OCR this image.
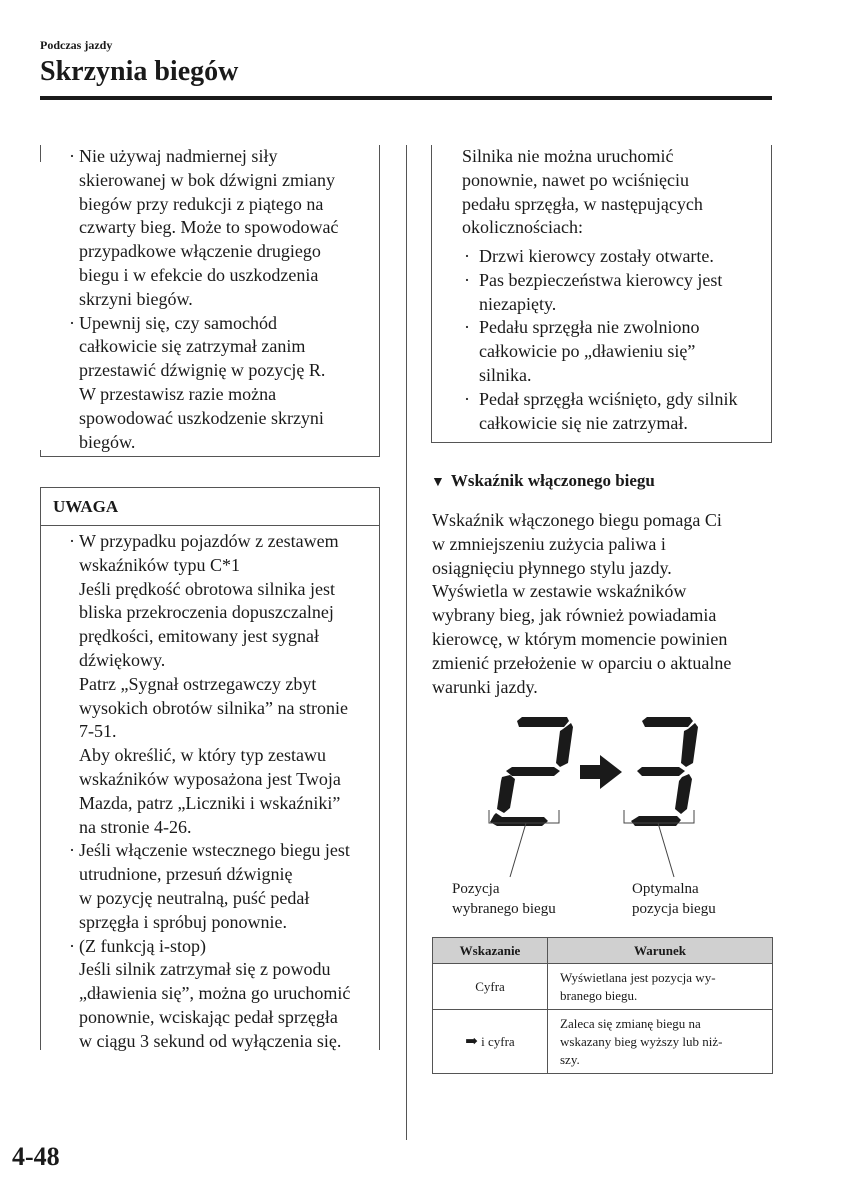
Podczas jazdy
Skrzynia biegów
· Nie używaj nadmiernej siły
skierowanej w bok dźwigni zmiany
biegów przy redukcji z piątego na
czwarty bieg. Może to spowodować
przypadkowe włączenie drugiego
biegu i w efekcie do uszkodzenia
skrzyni biegów.
· Upewnij się, czy samochód
całkowicie się zatrzymał zanim
przestawić dźwignię w pozycję R.
W przestawisz razie można
spowodować uszkodzenie skrzyni
biegów.
UWAGA
· W przypadku pojazdów z zestawem
wskaźników typu C*1
Jeśli prędkość obrotowa silnika jest
bliska przekroczenia dopuszczalnej
prędkości, emitowany jest sygnał
dźwiękowy.
Patrz „Sygnał ostrzegawczy zbyt
wysokich obrotów silnika” na stronie
7-51.
Aby określić, w który typ zestawu
wskaźników wyposażona jest Twoja
Mazda, patrz „Liczniki i wskaźniki”
na stronie 4-26.
· Jeśli włączenie wstecznego biegu jest
utrudnione, przesuń dźwignię
w pozycję neutralną, puść pedał
sprzęgła i spróbuj ponownie.
· (Z funkcją i-stop)
Jeśli silnik zatrzymał się z powodu
„dławienia się”, można go uruchomić
ponownie, wciskając pedał sprzęgła
w ciągu 3 sekund od wyłączenia się.
Silnika nie można uruchomić
ponownie, nawet po wciśnięciu
pedału sprzęgła, w następujących
okolicznościach:
· Drzwi kierowcy zostały otwarte.
· Pas bezpieczeństwa kierowcy jest
niezapięty.
· Pedału sprzęgła nie zwolniono
całkowicie po „dławieniu się”
silnika.
· Pedał sprzęgła wciśnięto, gdy silnik
całkowicie się nie zatrzymał.
▼ Wskaźnik włączonego biegu
Wskaźnik włączonego biegu pomaga Ci
w zmniejszeniu zużycia paliwa i
osiągnięciu płynnego stylu jazdy.
Wyświetla w zestawie wskaźników
wybrany bieg, jak również powiadamia
kierowcę, w którym momencie powinien
zmienić przełożenie w oparciu o aktualne
warunki jazdy.
Pozycja
wybranego biegu
Optymalna
pozycja biegu
Wskazanie	Warunek
Cyfra	Wyświetlana jest pozycja wy-
branego biegu.

➡ i cyfra	Zaleca się zmianę biegu na
wskazany bieg wyższy lub niż-
szy.
4-48
